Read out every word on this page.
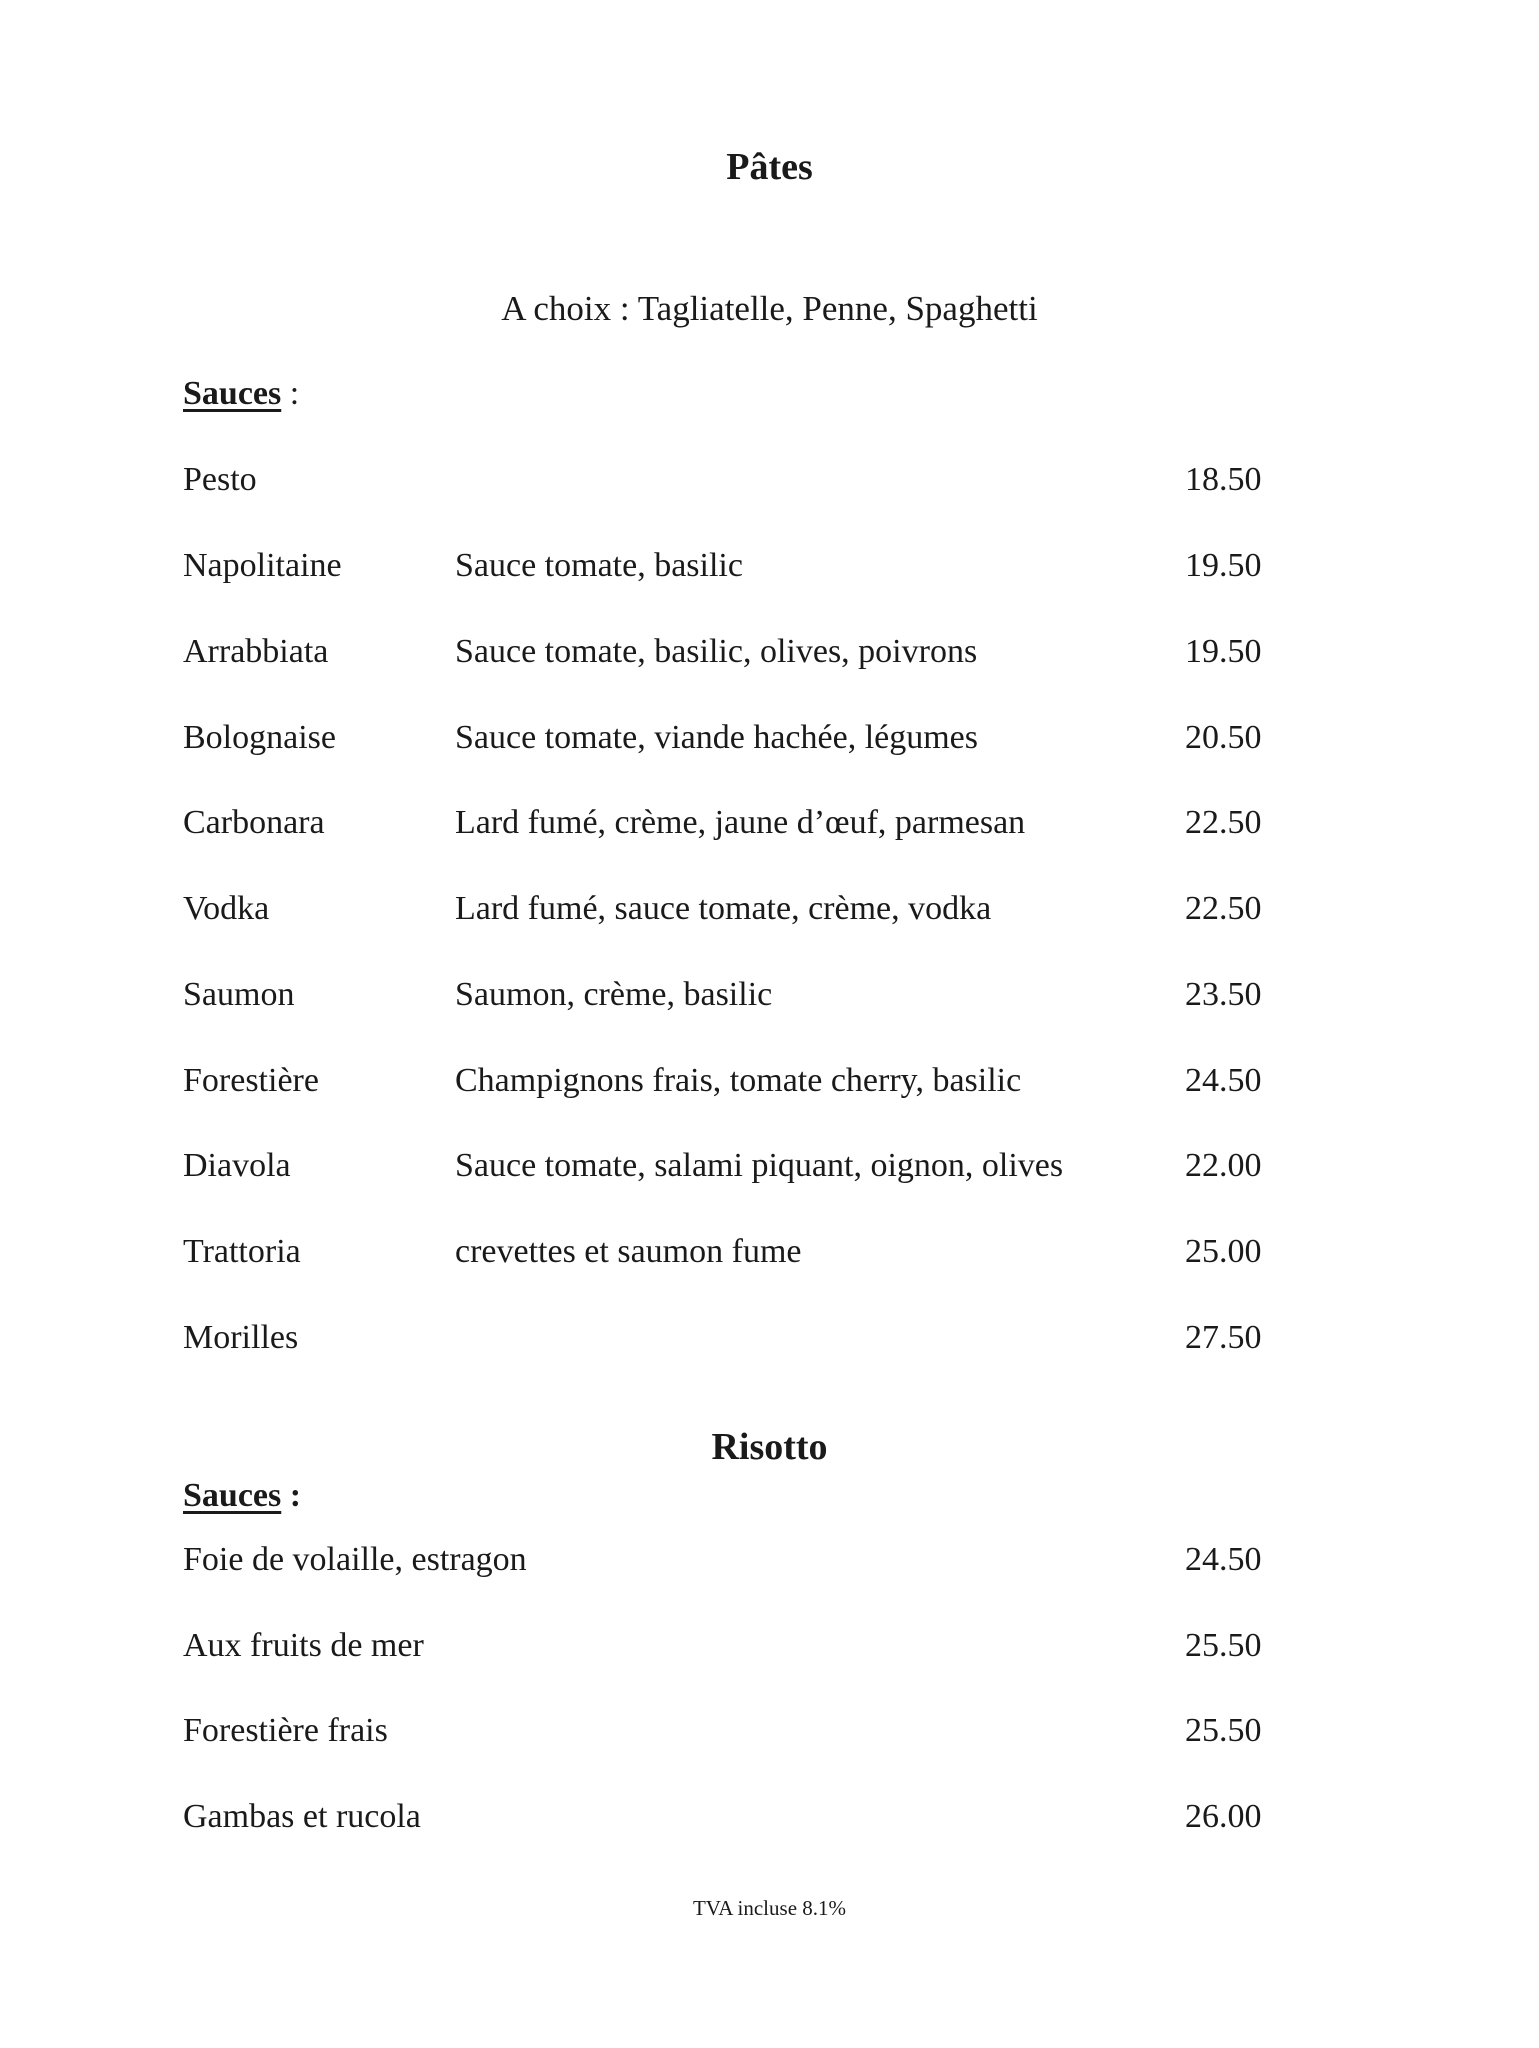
Pâtes
A choix : Tagliatelle, Penne, Spaghetti
Sauces :
Pesto	18.50
Napolitaine	Sauce tomate, basilic	19.50
Arrabbiata	Sauce tomate, basilic, olives, poivrons	19.50
Bolognaise	Sauce tomate, viande hachée, légumes	20.50
Carbonara	Lard fumé, crème, jaune d’œuf, parmesan	22.50
Vodka	Lard fumé, sauce tomate, crème, vodka	22.50
Saumon	Saumon, crème, basilic	23.50
Forestière	Champignons frais, tomate cherry, basilic	24.50
Diavola	Sauce tomate, salami piquant, oignon, olives	22.00
Trattoria	crevettes et saumon fume	25.00
Morilles	27.50
Risotto
Sauces :
Foie de volaille, estragon	24.50
Aux fruits de mer	25.50
Forestière frais	25.50
Gambas et rucola	26.00
TVA incluse 8.1%
